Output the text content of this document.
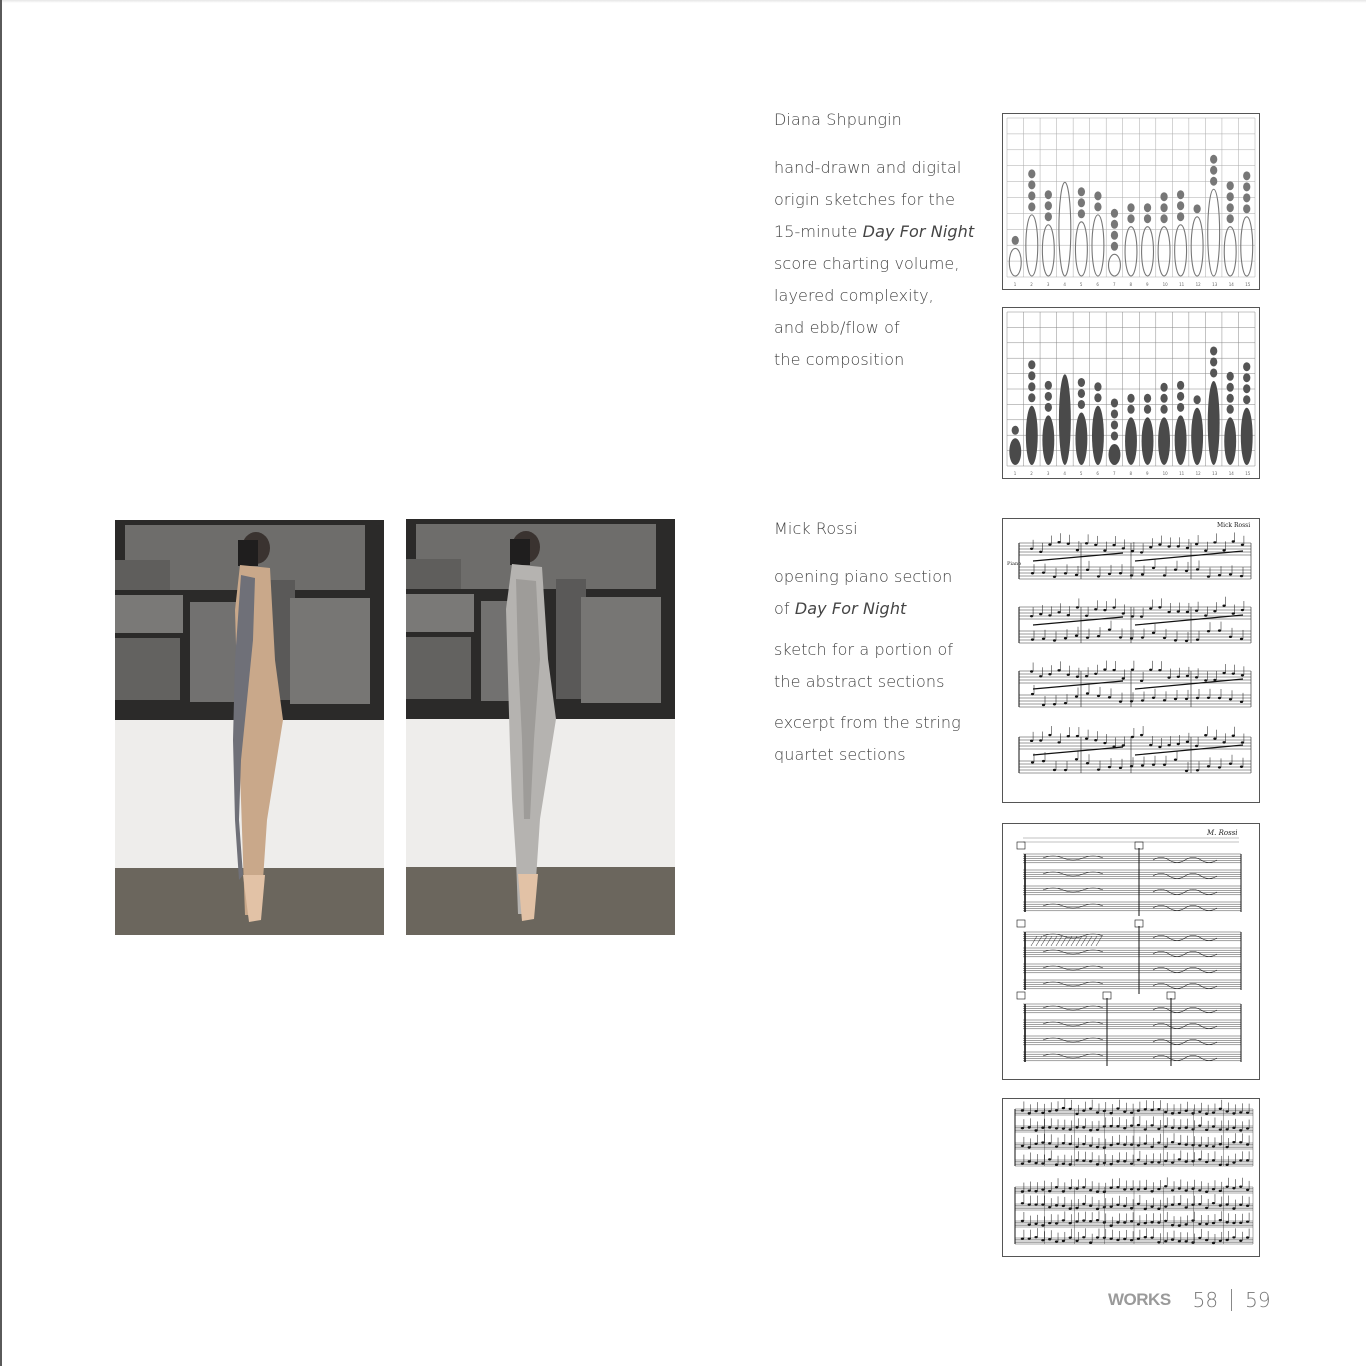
Diana Shpungin
hand-drawn and digital
origin sketches for the
15-minute Day For Night
score charting volume,
layered complexity,
and ebb/flow of
the composition
Mick Rossi
opening piano section
of Day For Night
sketch for a portion of
the abstract sections
excerpt from the string
quartet sections
1	2	3	4	5	6	7	8	9	10	11	12	13	14	15
1	2	3	4	5	6	7	8	9	10	11	12	13	14	15
Mick Rossi
Piano
M. Rossi
WORKS 58 59
